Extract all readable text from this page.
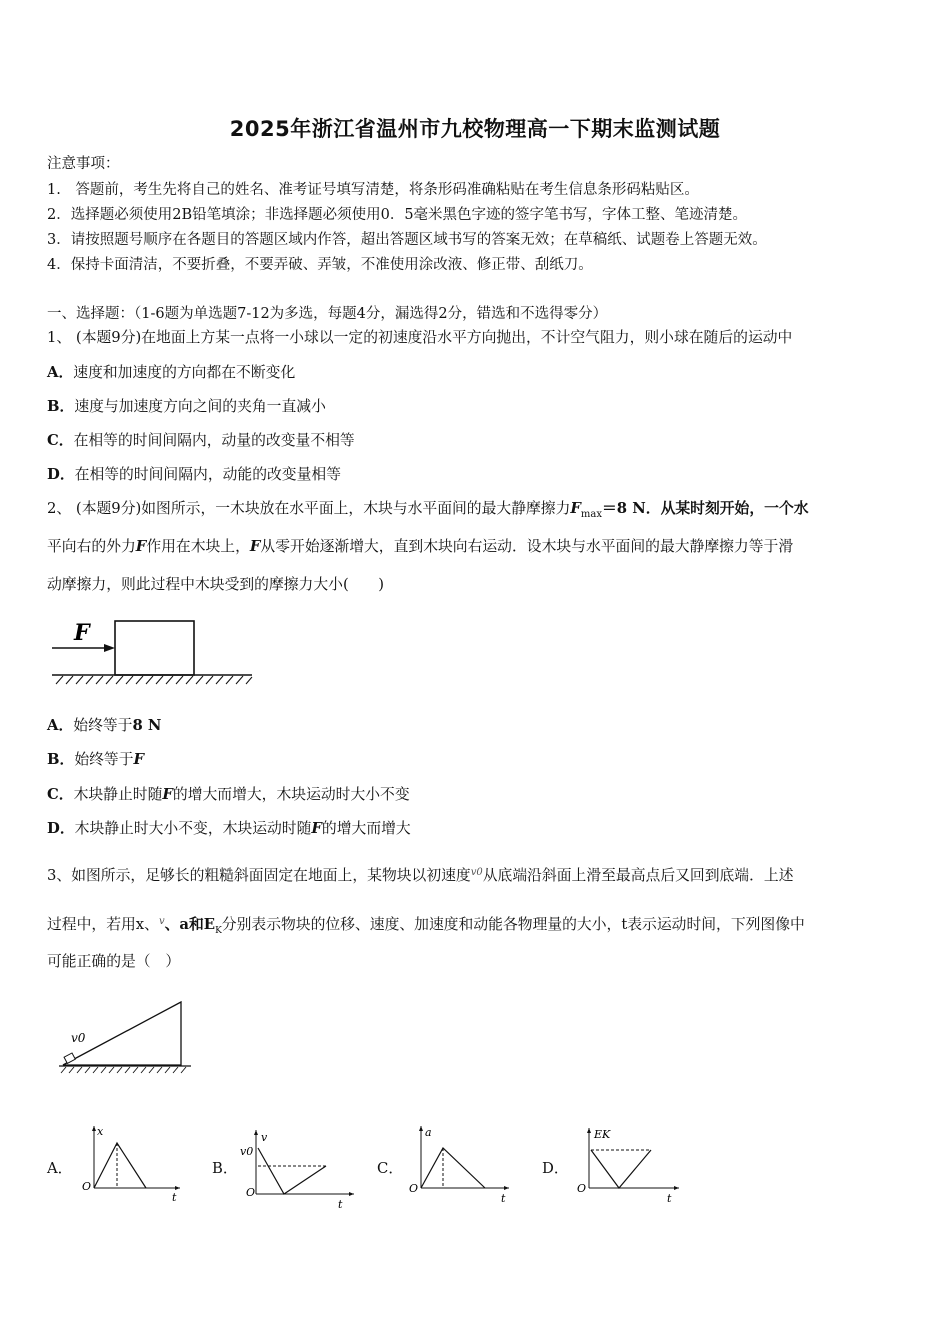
2025年浙江省温州市九校物理高一下期末监测试题
注意事项：
1.　答题前，考生先将自己的姓名、准考证号填写清楚，将条形码准确粘贴在考生信息条形码粘贴区。
2．选择题必须使用2B铅笔填涂；非选择题必须使用0．5毫米黑色字迹的签字笔书写，字体工整、笔迹清楚。
3．请按照题号顺序在各题目的答题区域内作答，超出答题区域书写的答案无效；在草稿纸、试题卷上答题无效。
4．保持卡面清洁，不要折叠，不要弄破、弄皱，不准使用涂改液、修正带、刮纸刀。
一、选择题：（1-6题为单选题7-12为多选，每题4分，漏选得2分，错选和不选得零分）
1、 (本题9分)在地面上方某一点将一小球以一定的初速度沿水平方向抛出，不计空气阻力，则小球在随后的运动中
A．速度和加速度的方向都在不断变化
B．速度与加速度方向之间的夹角一直减小
C．在相等的时间间隔内，动量的改变量不相等
D．在相等的时间间隔内，动能的改变量相等
2、 (本题9分)如图所示，一木块放在水平面上，木块与水平面间的最大静摩擦力$F_{max}=8$ N．从某时刻开始，一个水
平向右的外力F作用在木块上，F从零开始逐渐增大，直到木块向右运动．设木块与水平面间的最大静摩擦力等于滑
动摩擦力，则此过程中木块受到的摩擦力大小(　　)
F
A．始终等于8 N
B．始终等于F
C．木块静止时随F的增大而增大，木块运动时大小不变
D．木块静止时大小不变，木块运动时随F的增大而增大
3、如图所示，足够长的粗糙斜面固定在地面上，某物块以初速度$^{v0}$从底端沿斜面上滑至最高点后又回到底端．上述
过程中，若用x、$^v$、a和$E_K$分别表示物块的位移、速度、加速度和动能各物理量的大小，t表示运动时间，下列图像中
可能正确的是（　）
v0
A．
x
t
O
B．
v
v0
t
O
C．
a
t
O
D．
EK
t
O
